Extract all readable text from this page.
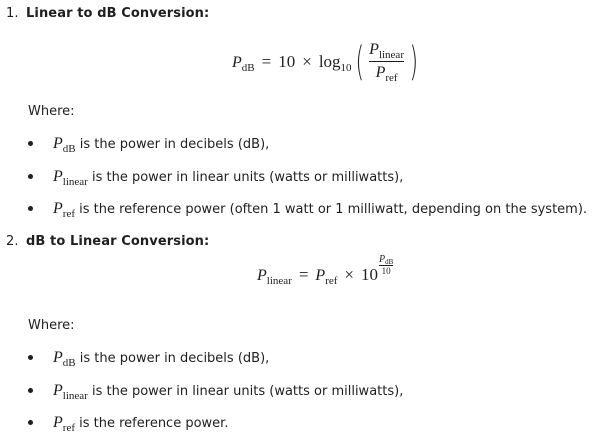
1. Linear to dB Conversion:
$P_{dB} = 10 \times \log_{10}$ ( $\frac{P_{linear}}{P_{ref}}$ )
Where:
$P_{dB}$ is the power in decibels (dB),
$P_{linear}$ is the power in linear units (watts or milliwatts),
$P_{ref}$ is the reference power (often 1 watt or 1 milliwatt, depending on the system).
2. dB to Linear Conversion:
$P_{linear} = P_{ref} \times 10$
$P_{dB}$
10
Where:
$P_{dB}$ is the power in decibels (dB),
$P_{linear}$ is the power in linear units (watts or milliwatts),
$P_{ref}$ is the reference power.
